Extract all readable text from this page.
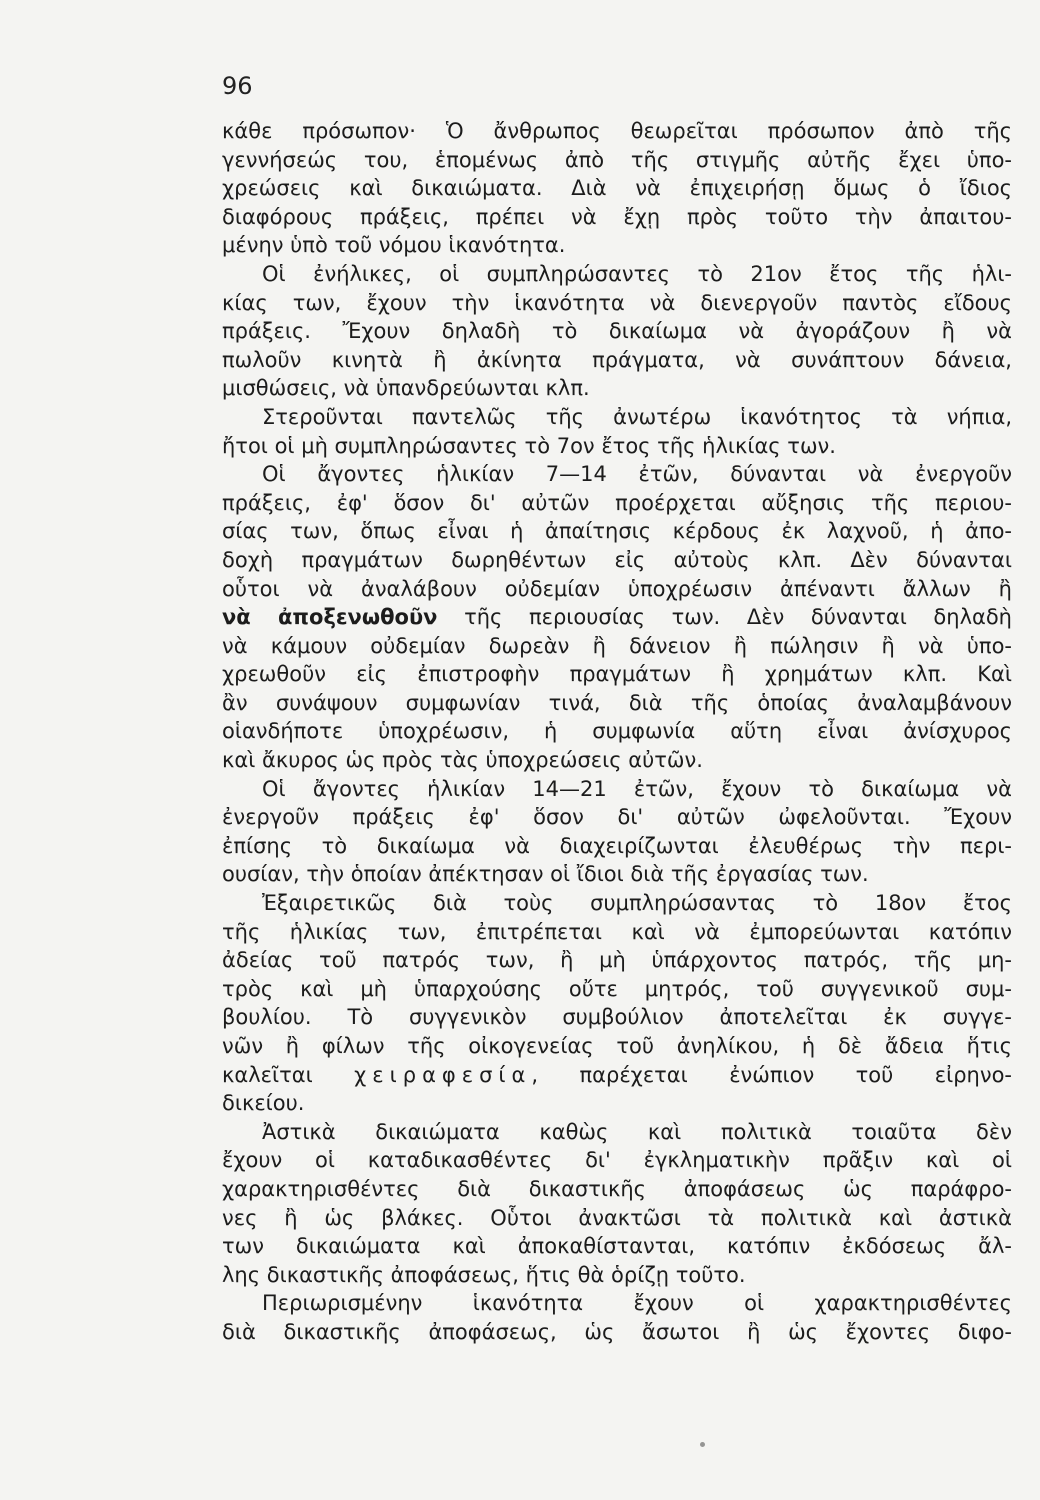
96
κάθε πρόσωπον· Ὁ ἄνθρωπος θεωρεῖται πρόσωπον ἀπὸ τῆς
γεννήσεώς του, ἑπομένως ἀπὸ τῆς στιγμῆς αὐτῆς ἔχει ὑπο-
χρεώσεις καὶ δικαιώματα. Διὰ νὰ ἐπιχειρήσῃ ὅμως ὁ ἴδιος
διαφόρους πράξεις, πρέπει νὰ ἔχῃ πρὸς τοῦτο τὴν ἀπαιτου-
μένην ὑπὸ τοῦ νόμου ἱκανότητα.
Οἱ ἐνήλικες, οἱ συμπληρώσαντες τὸ 21ον ἔτος τῆς ἡλι-
κίας των, ἔχουν τὴν ἱκανότητα νὰ διενεργοῦν παντὸς εἴδους
πράξεις. Ἔχουν δηλαδὴ τὸ δικαίωμα νὰ ἀγοράζουν ἢ νὰ
πωλοῦν κινητὰ ἢ ἀκίνητα πράγματα, νὰ συνάπτουν δάνεια,
μισθώσεις, νὰ ὑπανδρεύωνται κλπ.
Στεροῦνται παντελῶς τῆς ἀνωτέρω ἱκανότητος τὰ νήπια,
ἤτοι οἱ μὴ συμπληρώσαντες τὸ 7ον ἔτος τῆς ἡλικίας των.
Οἱ ἄγοντες ἡλικίαν 7—14 ἐτῶν, δύνανται νὰ ἐνεργοῦν
πράξεις, ἐφ' ὅσον δι' αὐτῶν προέρχεται αὔξησις τῆς περιου-
σίας των, ὅπως εἶναι ἡ ἀπαίτησις κέρδους ἐκ λαχνοῦ, ἡ ἀπο-
δοχὴ πραγμάτων δωρηθέντων εἰς αὐτοὺς κλπ. Δὲν δύνανται
οὗτοι νὰ ἀναλάβουν οὐδεμίαν ὑποχρέωσιν ἀπέναντι ἄλλων ἢ
νὰ ἀποξενωθοῦν τῆς περιουσίας των. Δὲν δύνανται δηλαδὴ
νὰ κάμουν οὐδεμίαν δωρεὰν ἢ δάνειον ἢ πώλησιν ἢ νὰ ὑπο-
χρεωθοῦν εἰς ἐπιστροφὴν πραγμάτων ἢ χρημάτων κλπ. Καὶ
ἂν συνάψουν συμφωνίαν τινά, διὰ τῆς ὁποίας ἀναλαμβάνουν
οἱανδήποτε ὑποχρέωσιν, ἡ συμφωνία αὕτη εἶναι ἀνίσχυρος
καὶ ἄκυρος ὡς πρὸς τὰς ὑποχρεώσεις αὐτῶν.
Οἱ ἄγοντες ἡλικίαν 14—21 ἐτῶν, ἔχουν τὸ δικαίωμα νὰ
ἐνεργοῦν πράξεις ἐφ' ὅσον δι' αὐτῶν ὠφελοῦνται. Ἔχουν
ἐπίσης τὸ δικαίωμα νὰ διαχειρίζωνται ἐλευθέρως τὴν περι-
ουσίαν, τὴν ὁποίαν ἀπέκτησαν οἱ ἴδιοι διὰ τῆς ἐργασίας των.
Ἐξαιρετικῶς διὰ τοὺς συμπληρώσαντας τὸ 18ον ἔτος
τῆς ἡλικίας των, ἐπιτρέπεται καὶ νὰ ἐμπορεύωνται κατόπιν
ἀδείας τοῦ πατρός των, ἢ μὴ ὑπάρχοντος πατρός, τῆς μη-
τρὸς καὶ μὴ ὑπαρχούσης οὔτε μητρός, τοῦ συγγενικοῦ συμ-
βουλίου. Τὸ συγγενικὸν συμβούλιον ἀποτελεῖται ἐκ συγγε-
νῶν ἢ φίλων τῆς οἰκογενείας τοῦ ἀνηλίκου, ἡ δὲ ἄδεια ἥτις
καλεῖται χειραφεσία, παρέχεται ἐνώπιον τοῦ εἰρηνο-
δικείου.
Ἀστικὰ δικαιώματα καθὼς καὶ πολιτικὰ τοιαῦτα δὲν
ἔχουν οἱ καταδικασθέντες δι' ἐγκληματικὴν πρᾶξιν καὶ οἱ
χαρακτηρισθέντες διὰ δικαστικῆς ἀποφάσεως ὡς παράφρο-
νες ἢ ὡς βλάκες. Οὗτοι ἀνακτῶσι τὰ πολιτικὰ καὶ ἀστικὰ
των δικαιώματα καὶ ἀποκαθίστανται, κατόπιν ἐκδόσεως ἄλ-
λης δικαστικῆς ἀποφάσεως, ἥτις θὰ ὁρίζῃ τοῦτο.
Περιωρισμένην ἱκανότητα ἔχουν οἱ χαρακτηρισθέντες
διὰ δικαστικῆς ἀποφάσεως, ὡς ἄσωτοι ἢ ὡς ἔχοντες διφο-
